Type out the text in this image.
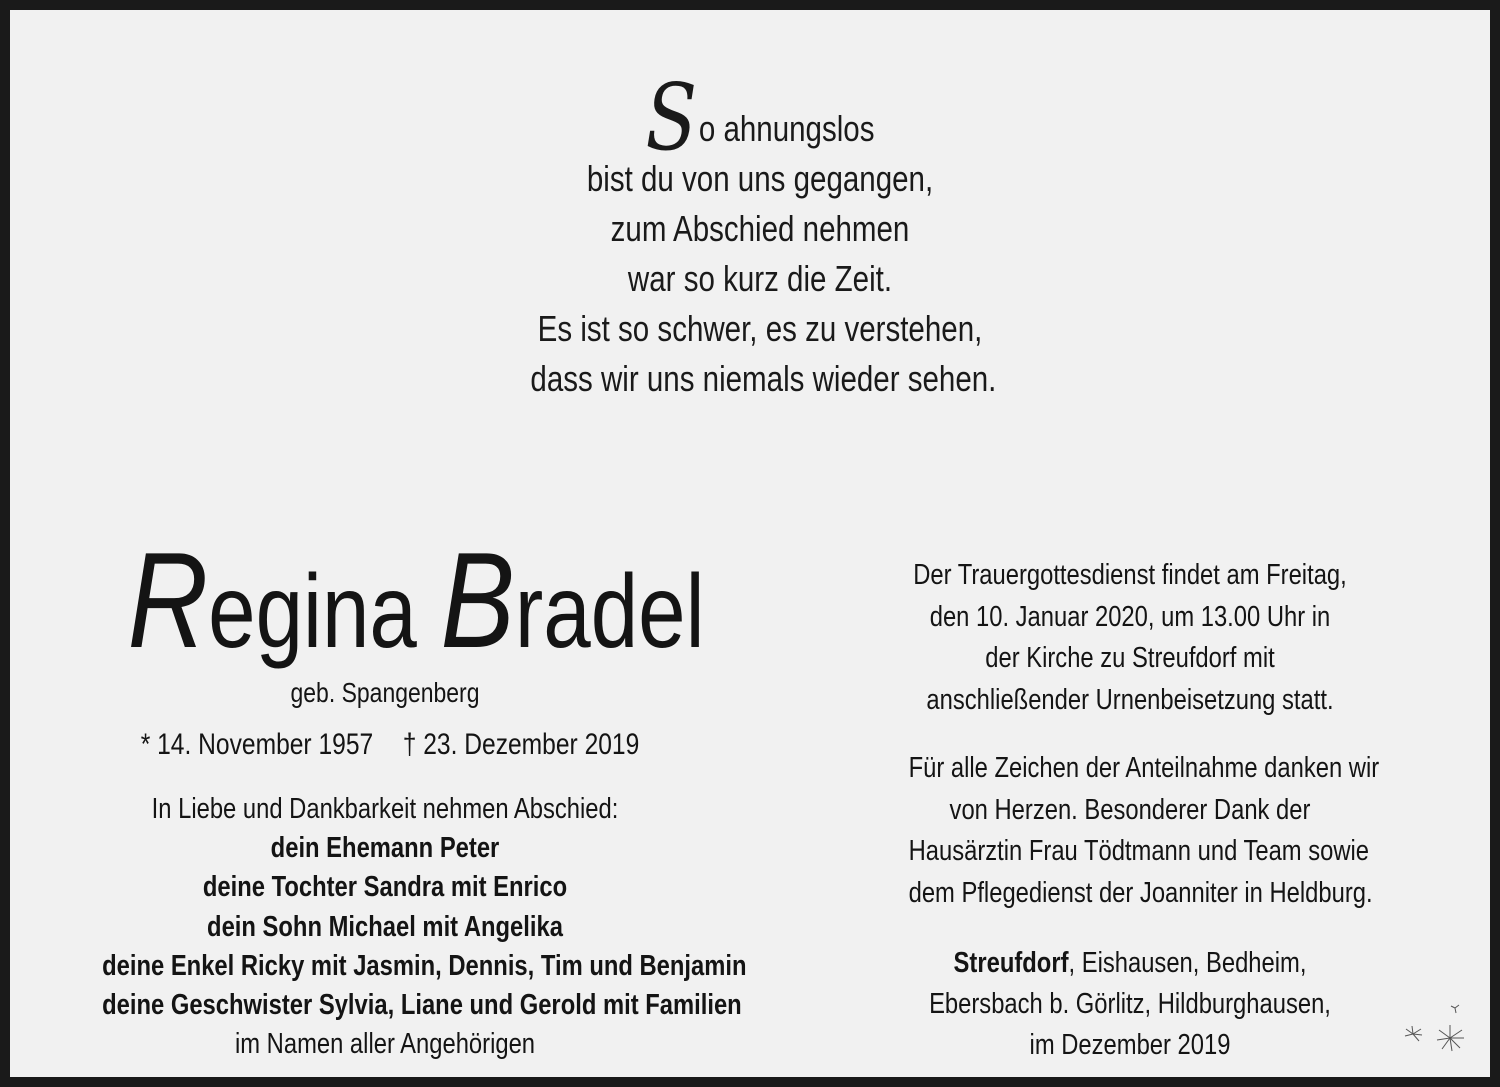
So ahnungslos
bist du von uns gegangen,
zum Abschied nehmen
war so kurz die Zeit.
Es ist so schwer, es zu verstehen,
dass wir uns niemals wieder sehen.
Regina Bradel
geb. Spangenberg
* 14. November 1957 † 23. Dezember 2019
In Liebe und Dankbarkeit nehmen Abschied:
dein Ehemann Peter
deine Tochter Sandra mit Enrico
dein Sohn Michael mit Angelika
deine Enkel Ricky mit Jasmin, Dennis, Tim und Benjamin
deine Geschwister Sylvia, Liane und Gerold mit Familien
im Namen aller Angehörigen
Der Trauergottesdienst findet am Freitag,
den 10. Januar 2020, um 13.00 Uhr in
der Kirche zu Streufdorf mit
anschließender Urnenbeisetzung statt.
Für alle Zeichen der Anteilnahme danken wir
von Herzen. Besonderer Dank der
Hausärztin Frau Tödtmann und Team sowie
dem Pflegedienst der Joanniter in Heldburg.
Streufdorf, Eishausen, Bedheim,
Ebersbach b. Görlitz, Hildburghausen,
im Dezember 2019
